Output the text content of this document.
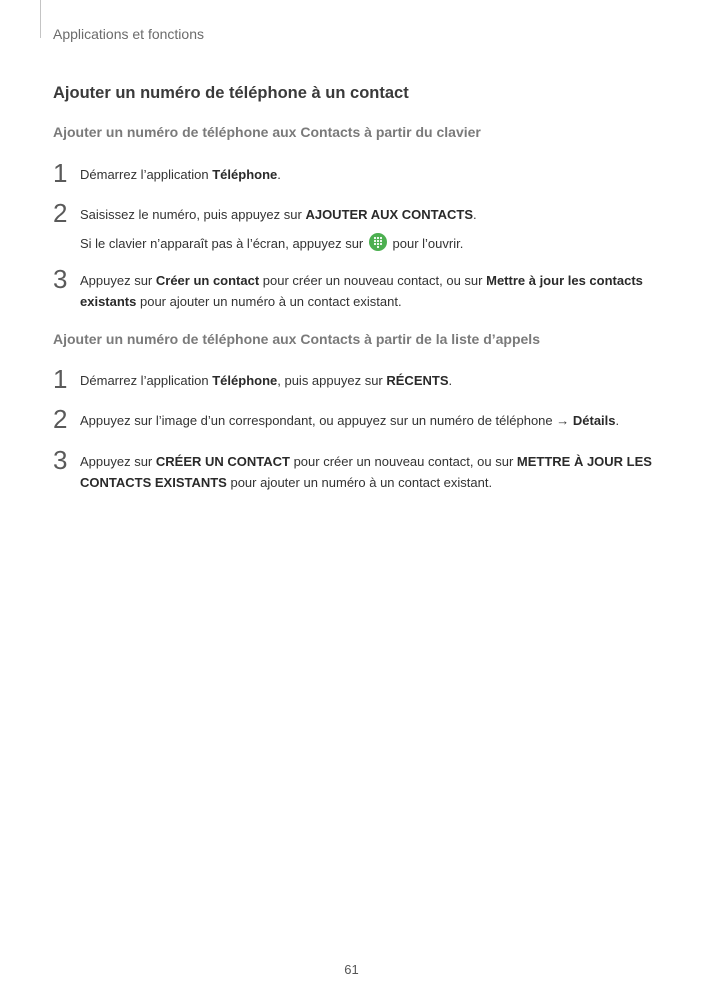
Applications et fonctions
Ajouter un numéro de téléphone à un contact
Ajouter un numéro de téléphone aux Contacts à partir du clavier
1 Démarrez l’application Téléphone.
2 Saisissez le numéro, puis appuyez sur AJOUTER AUX CONTACTS.
Si le clavier n’apparaît pas à l’écran, appuyez sur
pour l’ouvrir.
3 Appuyez sur Créer un contact pour créer un nouveau contact, ou sur Mettre à jour les contacts existants pour ajouter un numéro à un contact existant.
Ajouter un numéro de téléphone aux Contacts à partir de la liste d’appels
1 Démarrez l’application Téléphone, puis appuyez sur RÉCENTS.
2 Appuyez sur l’image d’un correspondant, ou appuyez sur un numéro de téléphone → Détails.
3 Appuyez sur CRÉER UN CONTACT pour créer un nouveau contact, ou sur METTRE À JOUR LES CONTACTS EXISTANTS pour ajouter un numéro à un contact existant.
61
